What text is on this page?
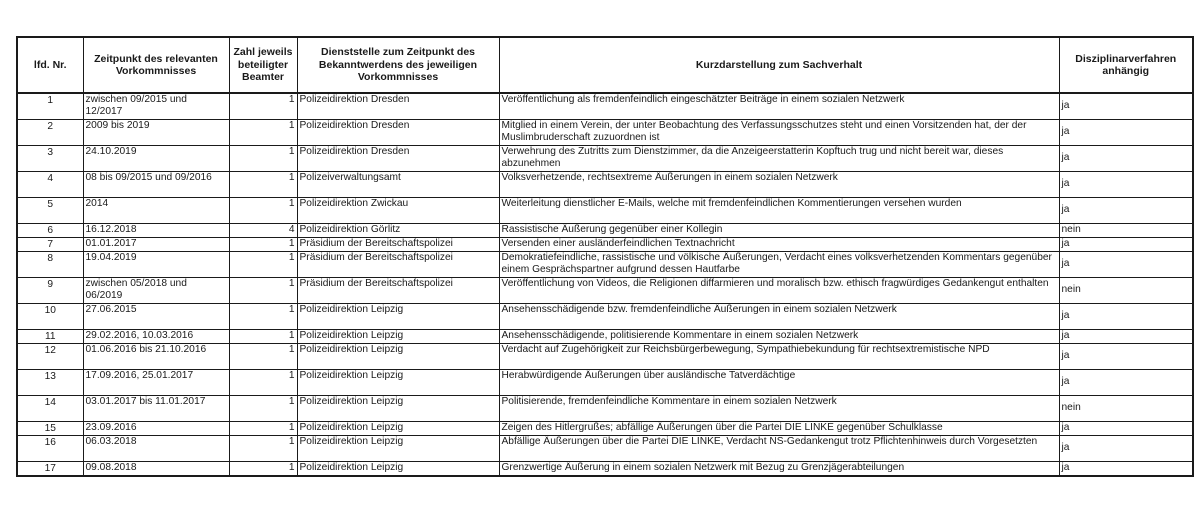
lfd. Nr.	Zeitpunkt des relevanten Vorkommnisses	Zahl jeweils beteiligter Beamter	Dienststelle zum Zeitpunkt des Bekanntwerdens des jeweiligen Vorkommnisses	Kurzdarstellung zum Sachverhalt	Disziplinarverfahren anhängig
1	zwischen 09/2015 und 12/2017	1	Polizeidirektion Dresden	Veröffentlichung als fremdenfeindlich eingeschätzter Beiträge in einem sozialen Netzwerk	ja
2	2009 bis 2019	1	Polizeidirektion Dresden	Mitglied in einem Verein, der unter Beobachtung des Verfassungsschutzes steht und einen Vorsitzenden hat, der der Muslimbruderschaft zuzuordnen ist	ja
3	24.10.2019	1	Polizeidirektion Dresden	Verwehrung des Zutritts zum Dienstzimmer, da die Anzeigeerstatterin Kopftuch trug und nicht bereit war, dieses abzunehmen	ja
4	08 bis 09/2015 und 09/2016	1	Polizeiverwaltungsamt	Volksverhetzende, rechtsextreme Äußerungen in einem sozialen Netzwerk	ja
5	2014	1	Polizeidirektion Zwickau	Weiterleitung dienstlicher E-Mails, welche mit fremdenfeindlichen Kommentierungen versehen wurden	ja
6	16.12.2018	4	Polizeidirektion Görlitz	Rassistische Äußerung gegenüber einer Kollegin	nein
7	01.01.2017	1	Präsidium der Bereitschaftspolizei	Versenden einer ausländerfeindlichen Textnachricht	ja
8	19.04.2019	1	Präsidium der Bereitschaftspolizei	Demokratiefeindliche, rassistische und völkische Äußerungen, Verdacht eines volksverhetzenden Kommentars gegenüber einem Gesprächspartner aufgrund dessen Hautfarbe	ja
9	zwischen 05/2018 und 06/2019	1	Präsidium der Bereitschaftspolizei	Veröffentlichung von Videos, die Religionen diffarmieren und moralisch bzw. ethisch fragwürdiges Gedankengut enthalten	nein
10	27.06.2015	1	Polizeidirektion Leipzig	Ansehensschädigende bzw. fremdenfeindliche Äußerungen in einem sozialen Netzwerk	ja
11	29.02.2016, 10.03.2016	1	Polizeidirektion Leipzig	Ansehensschädigende, politisierende Kommentare in einem sozialen Netzwerk	ja
12	01.06.2016 bis 21.10.2016	1	Polizeidirektion Leipzig	Verdacht auf Zugehörigkeit zur Reichsbürgerbewegung, Sympathiebekundung für rechtsextremistische NPD	ja
13	17.09.2016, 25.01.2017	1	Polizeidirektion Leipzig	Herabwürdigende Äußerungen über ausländische Tatverdächtige	ja
14	03.01.2017 bis 11.01.2017	1	Polizeidirektion Leipzig	Politisierende, fremdenfeindliche Kommentare in einem sozialen Netzwerk	nein
15	23.09.2016	1	Polizeidirektion Leipzig	Zeigen des Hitlergrußes; abfällige Äußerungen über die Partei DIE LINKE gegenüber Schulklasse	ja
16	06.03.2018	1	Polizeidirektion Leipzig	Abfällige Äußerungen über die Partei DIE LINKE, Verdacht NS-Gedankengut trotz Pflichtenhinweis durch Vorgesetzten	ja
17	09.08.2018	1	Polizeidirektion Leipzig	Grenzwertige Äußerung in einem sozialen Netzwerk mit Bezug zu Grenzjägerabteilungen	ja
